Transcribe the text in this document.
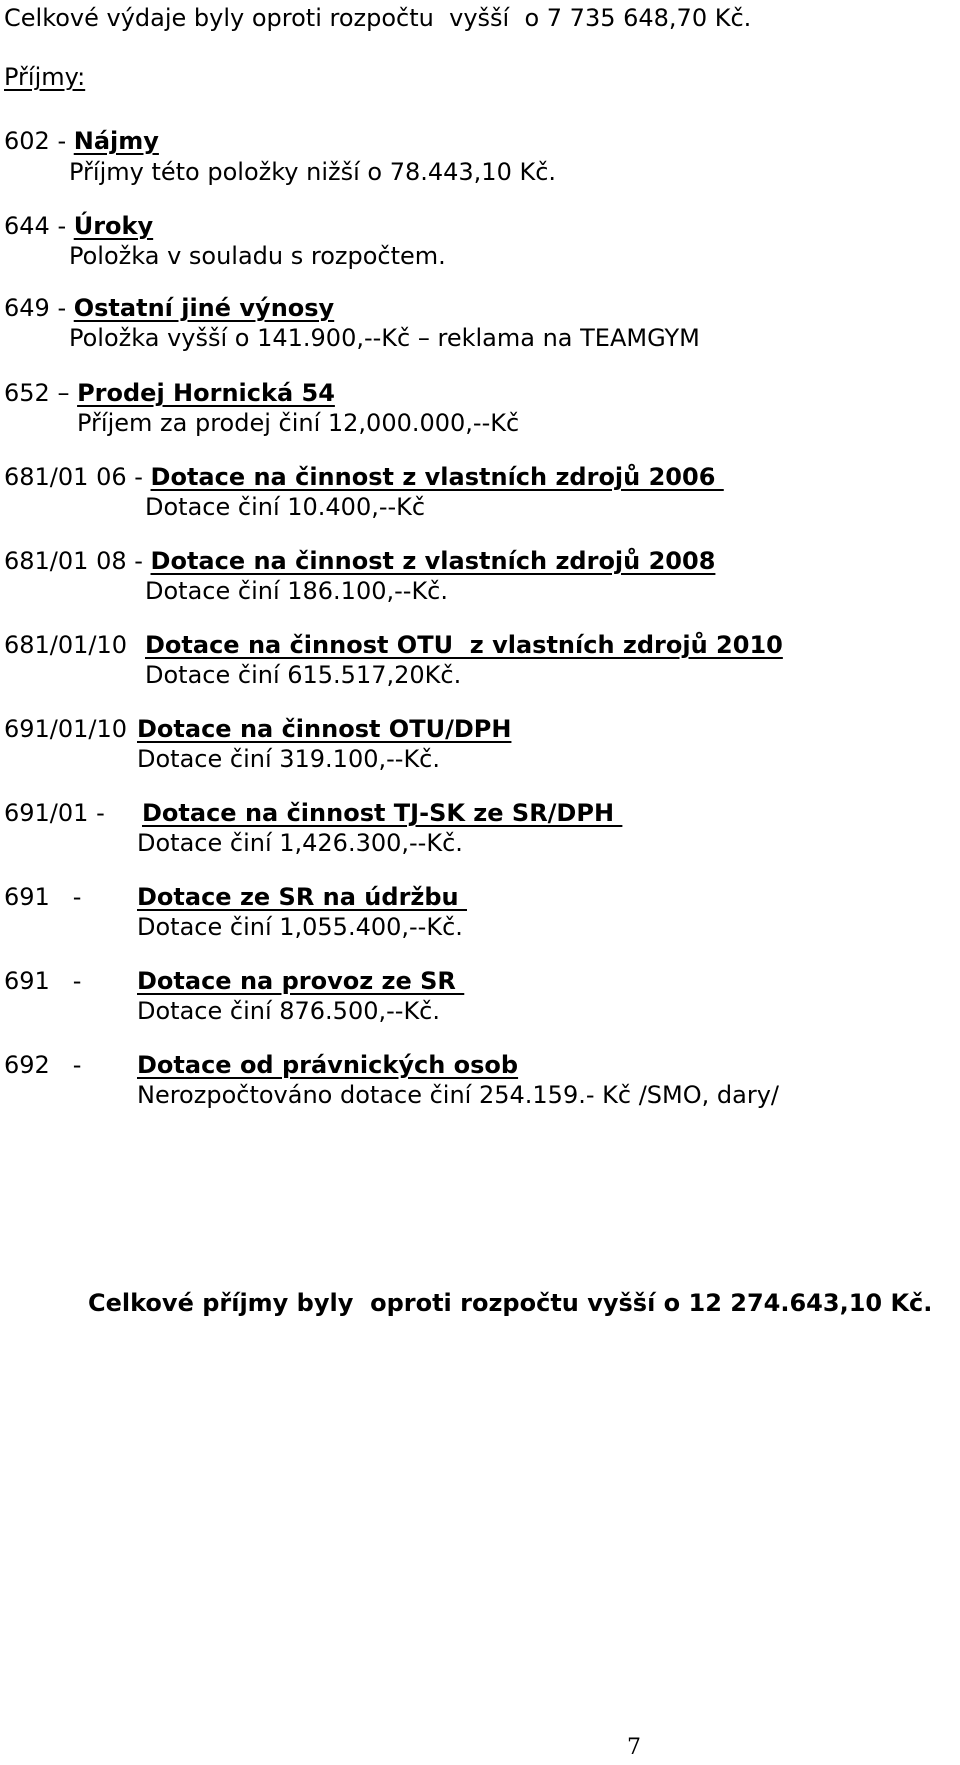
Celkové výdaje byly oproti rozpočtu  vyšší  o 7 735 648,70 Kč.
Příjmy:
602 - Nájmy
Příjmy této položky nižší o 78.443,10 Kč.
644 - Úroky
Položka v souladu s rozpočtem.
649 - Ostatní jiné výnosy
Položka vyšší o 141.900,--Kč – reklama na TEAMGYM
652 – Prodej Hornická 54
Příjem za prodej činí 12,000.000,--Kč
681/01 06 - Dotace na činnost z vlastních zdrojů 2006
Dotace činí 10.400,--Kč
681/01 08 - Dotace na činnost z vlastních zdrojů 2008
Dotace činí 186.100,--Kč.
681/01/10 Dotace na činnost OTU  z vlastních zdrojů 2010
Dotace činí 615.517,20Kč.
691/01/10 Dotace na činnost OTU/DPH
Dotace činí 319.100,--Kč.
691/01 - Dotace na činnost TJ-SK ze SR/DPH
Dotace činí 1,426.300,--Kč.
691   - Dotace ze SR na údržbu
Dotace činí 1,055.400,--Kč.
691   - Dotace na provoz ze SR
Dotace činí 876.500,--Kč.
692   - Dotace od právnických osob
Nerozpočtováno dotace činí 254.159.- Kč /SMO, dary/
Celkové příjmy byly  oproti rozpočtu vyšší o 12 274.643,10 Kč.
7
